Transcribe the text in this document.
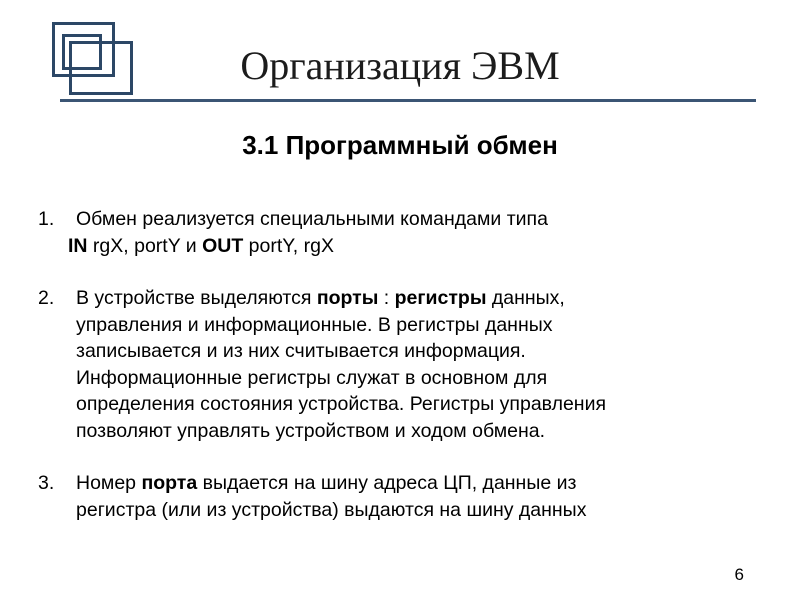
Организация ЭВМ
3.1 Программный обмен
1. Обмен реализуется специальными командами типа
IN rgX, portY и OUT portY, rgX
2. В устройстве выделяются порты : регистры данных,
управления и информационные. В регистры данных
записывается и из них считывается информация.
Информационные регистры служат в основном для
определения состояния устройства. Регистры управления
позволяют управлять устройством и ходом обмена.
3. Номер порта выдается на шину адреса ЦП, данные из
регистра (или из устройства) выдаются на шину данных
6
